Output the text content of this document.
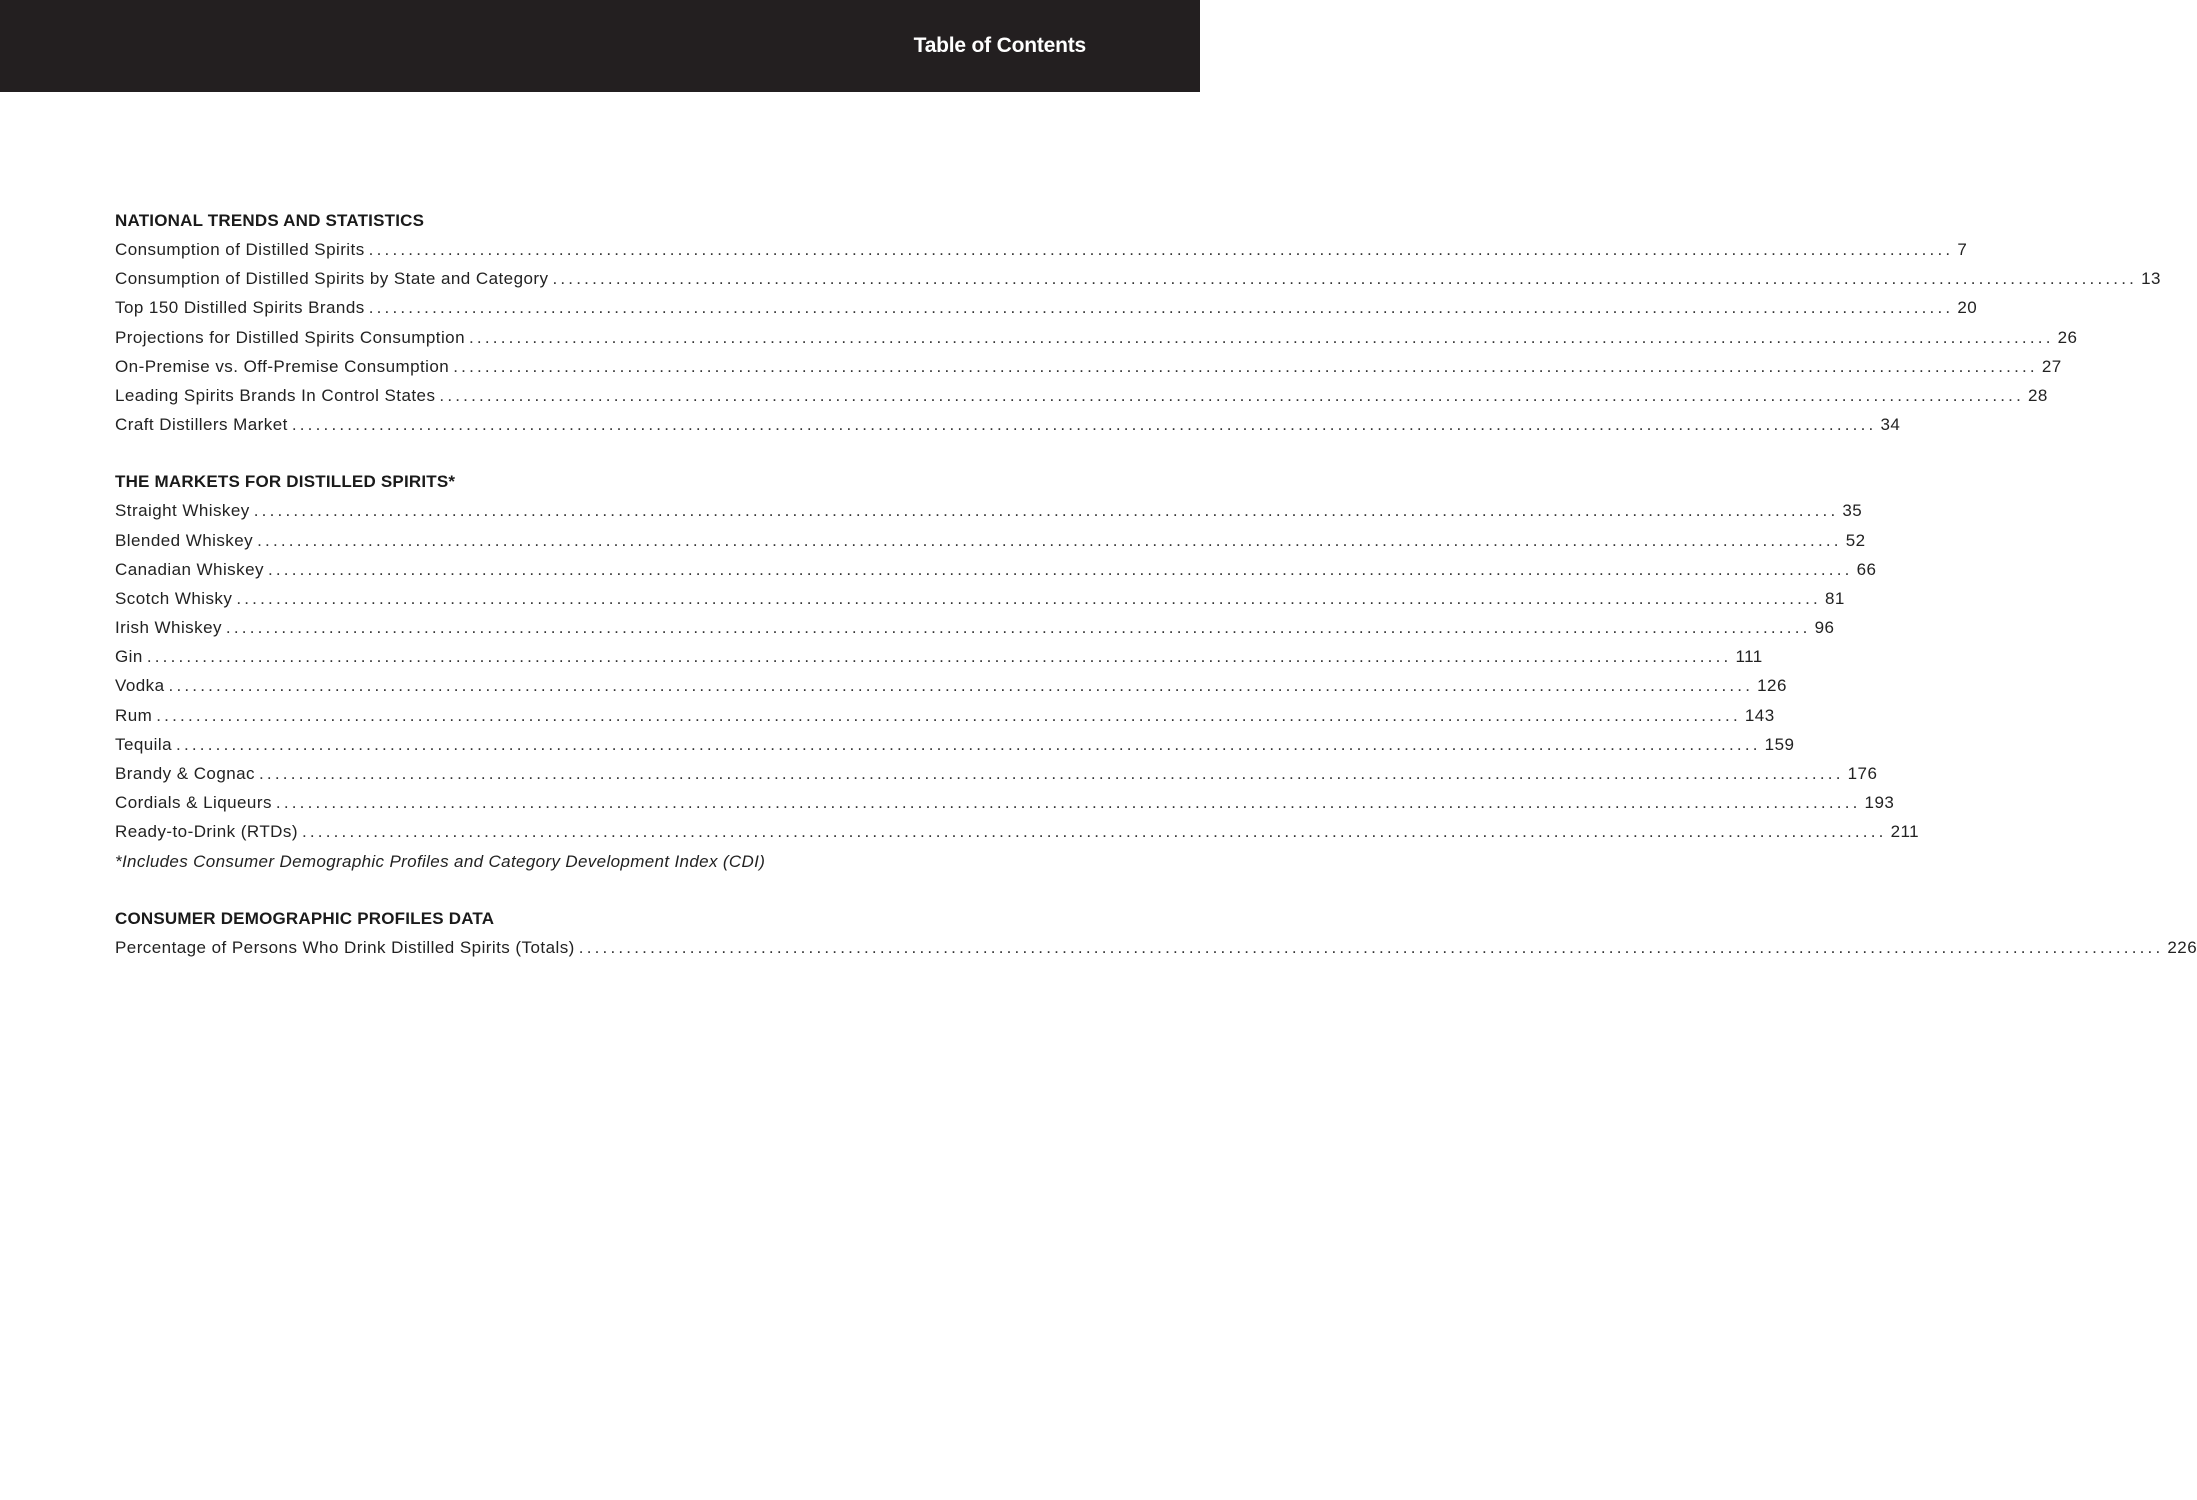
Table of Contents
NATIONAL TRENDS AND STATISTICS
Consumption of Distilled Spirits ........................................................................................................................................................................................................ 7
Consumption of Distilled Spirits by State and Category ........................................................................................................................................................................................................ 13
Top 150 Distilled Spirits Brands ........................................................................................................................................................................................................ 20
Projections for Distilled Spirits Consumption ........................................................................................................................................................................................................ 26
On-Premise vs. Off-Premise Consumption ........................................................................................................................................................................................................ 27
Leading Spirits Brands In Control States ........................................................................................................................................................................................................ 28
Craft Distillers Market ........................................................................................................................................................................................................ 34
THE MARKETS FOR DISTILLED SPIRITS*
Straight Whiskey ........................................................................................................................................................................................................ 35
Blended Whiskey ........................................................................................................................................................................................................ 52
Canadian Whiskey ........................................................................................................................................................................................................ 66
Scotch Whisky ........................................................................................................................................................................................................ 81
Irish Whiskey ........................................................................................................................................................................................................ 96
Gin ........................................................................................................................................................................................................ 111
Vodka ........................................................................................................................................................................................................ 126
Rum ........................................................................................................................................................................................................ 143
Tequila ........................................................................................................................................................................................................ 159
Brandy & Cognac ........................................................................................................................................................................................................ 176
Cordials & Liqueurs ........................................................................................................................................................................................................ 193
Ready-to-Drink (RTDs) ........................................................................................................................................................................................................ 211
*Includes Consumer Demographic Profiles and Category Development Index (CDI)
CONSUMER DEMOGRAPHIC PROFILES DATA
Percentage of Persons Who Drink Distilled Spirits (Totals) ........................................................................................................................................................................................................ 226
